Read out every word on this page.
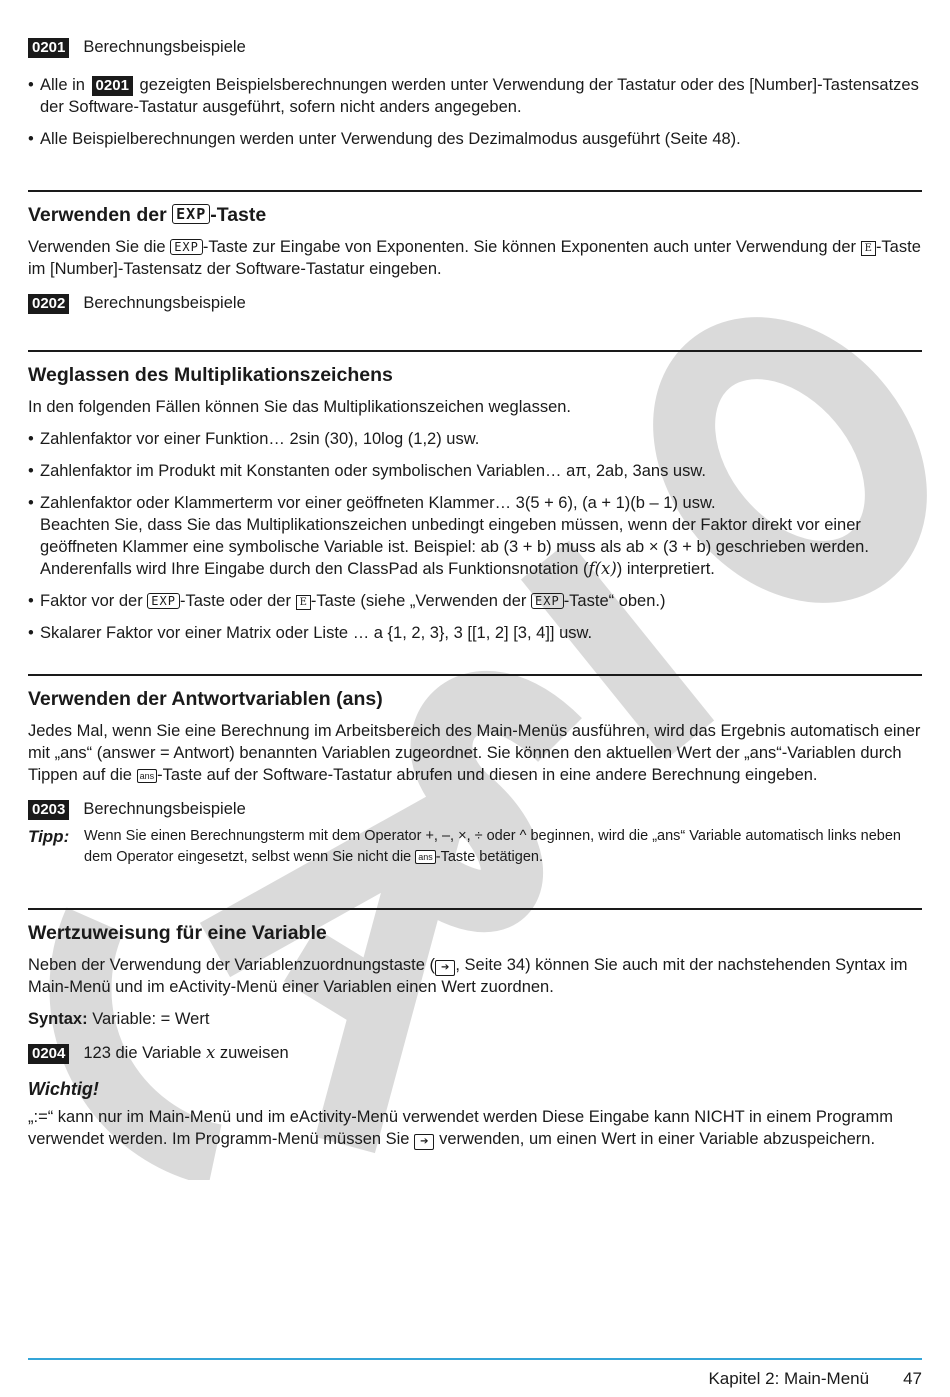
0201 Berechnungsbeispiele
• Alle in 0201 gezeigten Beispielsberechnungen werden unter Verwendung der Tastatur oder des [Number]-Tastensatzes der Software-Tastatur ausgeführt, sofern nicht anders angegeben.
• Alle Beispielberechnungen werden unter Verwendung des Dezimalmodus ausgeführt (Seite 48).
Verwenden der EXP -Taste

Verwenden Sie die EXP -Taste zur Eingabe von Exponenten. Sie können Exponenten auch unter Verwendung der E -Taste im [Number]-Tastensatz der Software-Tastatur eingeben.

0202 Berechnungsbeispiele
Weglassen des Multiplikationszeichens

In den folgenden Fällen können Sie das Multiplikationszeichen weglassen.

• Zahlenfaktor vor einer Funktion… 2sin (30), 10log (1,2) usw.
• Zahlenfaktor im Produkt mit Konstanten oder symbolischen Variablen… aπ, 2ab, 3ans usw.
• Zahlenfaktor oder Klammerterm vor einer geöffneten Klammer… 3(5 + 6), (a + 1)(b – 1) usw.
Beachten Sie, dass Sie das Multiplikationszeichen unbedingt eingeben müssen, wenn der Faktor direkt vor einer geöffneten Klammer eine symbolische Variable ist. Beispiel: ab (3 + b) muss als ab × (3 + b) geschrieben werden. Anderenfalls wird Ihre Eingabe durch den ClassPad als Funktionsnotation (f(x)) interpretiert.
• Faktor vor der EXP -Taste oder der E -Taste (siehe „Verwenden der EXP -Taste“ oben.)
• Skalarer Faktor vor einer Matrix oder Liste … a {1, 2, 3}, 3 [[1, 2] [3, 4]] usw.
Verwenden der Antwortvariablen (ans)

Jedes Mal, wenn Sie eine Berechnung im Arbeitsbereich des Main-Menüs ausführen, wird das Ergebnis automatisch einer mit „ans“ (answer = Antwort) benannten Variablen zugeordnet. Sie können den aktuellen Wert der „ans“-Variablen durch Tippen auf die ans -Taste auf der Software-Tastatur abrufen und diesen in eine andere Berechnung eingeben.

0203 Berechnungsbeispiele
Tipp:	Wenn Sie einen Berechnungsterm mit dem Operator +, –, ×, ÷ oder ^ beginnen, wird die „ans“ Variable automatisch links neben dem Operator eingesetzt, selbst wenn Sie nicht die ans -Taste betätigen.
Wertzuweisung für eine Variable

Neben der Verwendung der Variablenzuordnungstaste ( ➔ , Seite 34) können Sie auch mit der nachstehenden Syntax im Main-Menü und im eActivity-Menü einer Variablen einen Wert zuordnen.

Syntax: Variable: = Wert

0204 123 die Variable x zuweisen

Wichtig!

„:=“ kann nur im Main-Menü und im eActivity-Menü verwendet werden Diese Eingabe kann NICHT in einem Programm verwendet werden. Im Programm-Menü müssen Sie ➔ verwenden, um einen Wert in einer Variable abzuspeichern.

Kapitel 2: Main-Menü 47
